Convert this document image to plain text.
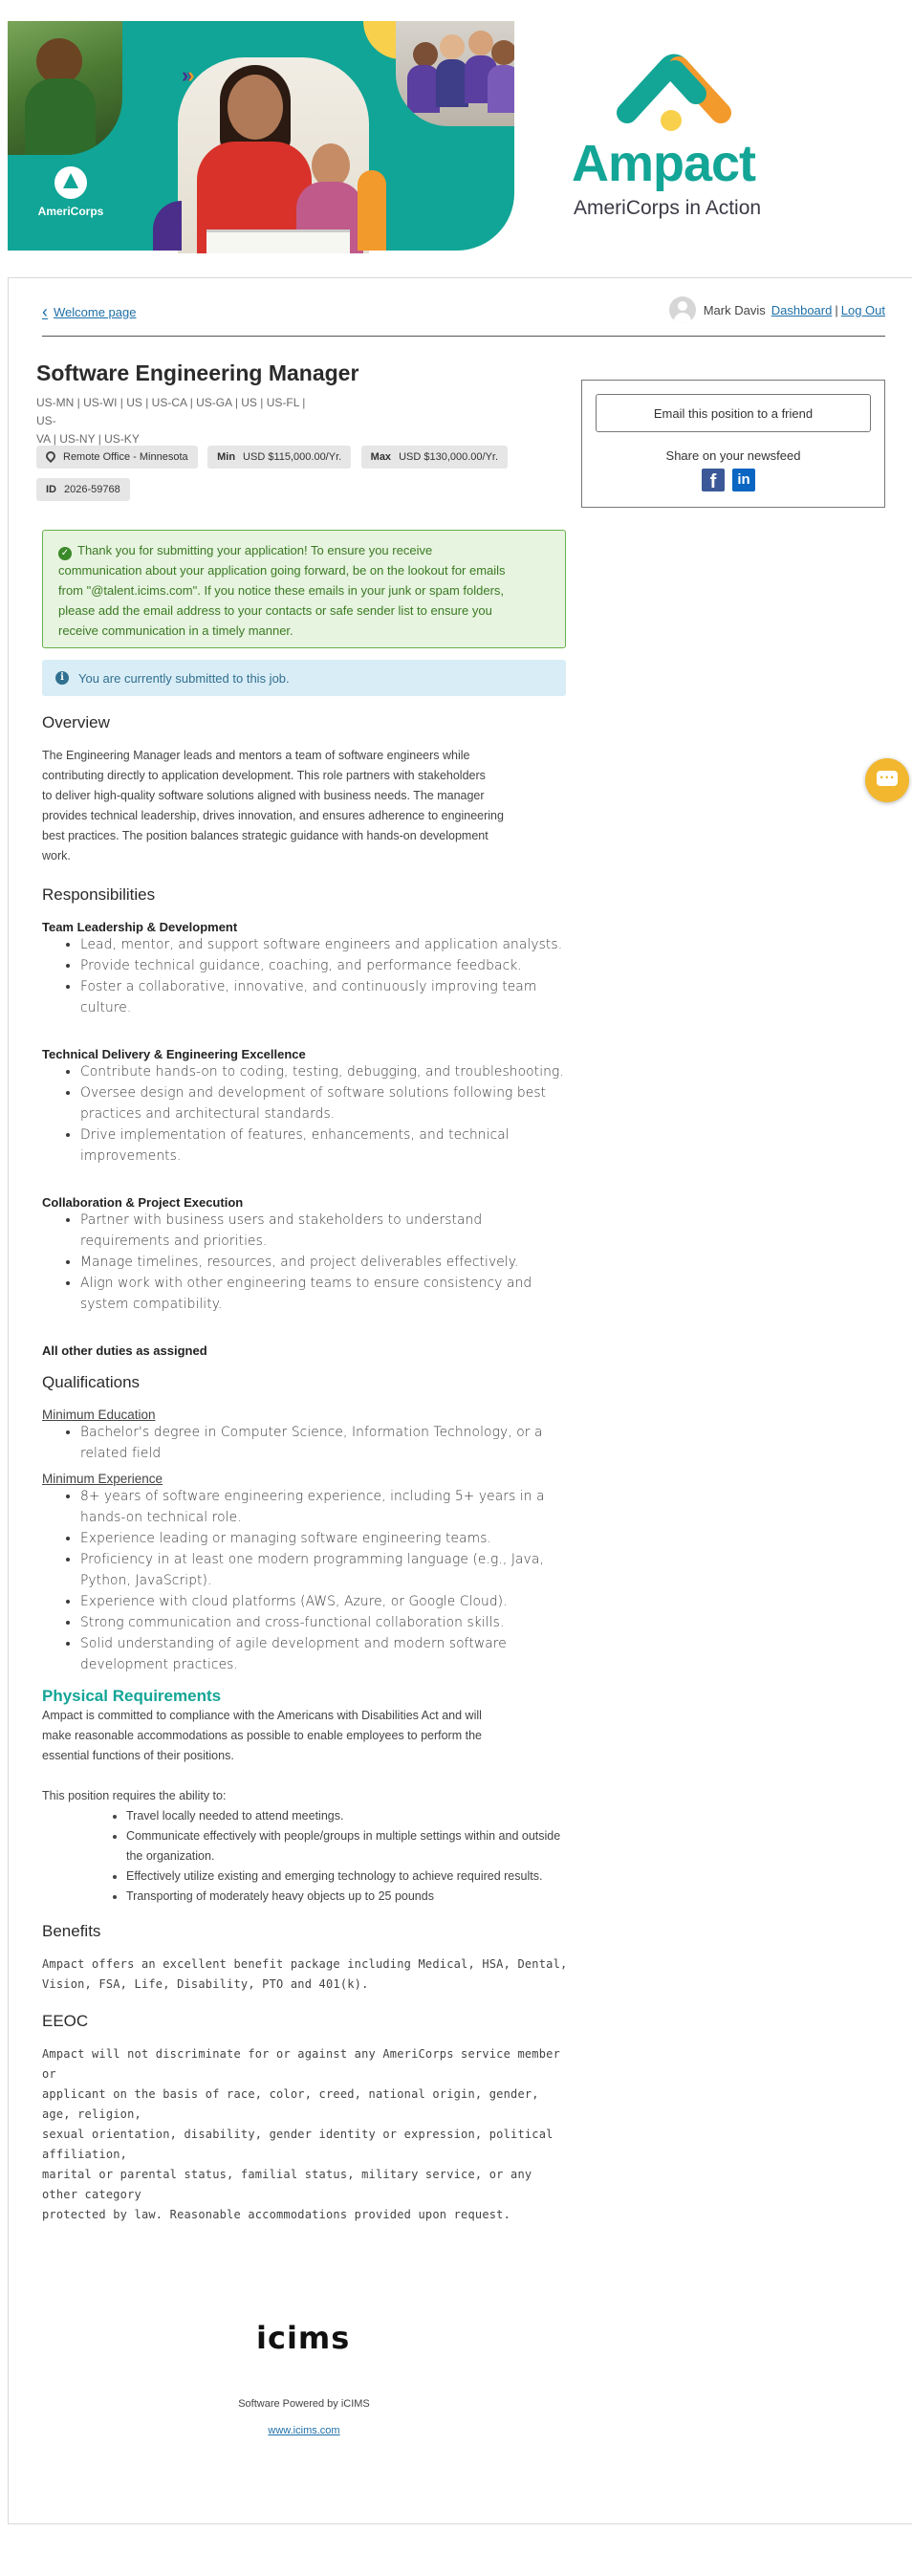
»›
AmeriCorps
Ampact
AmeriCorps in Action
‹ Welcome page	Mark Davis Dashboard | Log Out
Software Engineering Manager
US-MN | US-WI | US | US-CA | US-GA | US | US-FL | US-
VA | US-NY | US-KY
Remote Office - Minnesota
	Min USD $115,000.00/Yr.
	Max USD $130,000.00/Yr.

ID 2026-59768
✓ Thank you for submitting your application! To ensure you receive
communication about your application going forward, be on the lookout for emails
from "@talent.icims.com". If you notice these emails in your junk or spam folders,
please add the email address to your contacts or safe sender list to ensure you
receive communication in a timely manner.
i	You are currently submitted to this job.
Email this position to a friend
Share on your newsfeed
f	in
...
Overview
The Engineering Manager leads and mentors a team of software engineers while
contributing directly to application development. This role partners with stakeholders
to deliver high-quality software solutions aligned with business needs. The manager
provides technical leadership, drives innovation, and ensures adherence to engineering
best practices. The position balances strategic guidance with hands-on development
work.
Responsibilities
Team Leadership & Development
• Lead, mentor, and support software engineers and application analysts.
• Provide technical guidance, coaching, and performance feedback.
• Foster a collaborative, innovative, and continuously improving team culture.
Technical Delivery & Engineering Excellence
• Contribute hands-on to coding, testing, debugging, and troubleshooting.
• Oversee design and development of software solutions following best practices and architectural standards.
• Drive implementation of features, enhancements, and technical improvements.
Collaboration & Project Execution
• Partner with business users and stakeholders to understand requirements and priorities.
• Manage timelines, resources, and project deliverables effectively.
• Align work with other engineering teams to ensure consistency and system compatibility.
All other duties as assigned
Qualifications
Minimum Education
• Bachelor's degree in Computer Science, Information Technology, or a related field
Minimum Experience
• 8+ years of software engineering experience, including 5+ years in a hands-on technical role.
• Experience leading or managing software engineering teams.
• Proficiency in at least one modern programming language (e.g., Java, Python, JavaScript).
• Experience with cloud platforms (AWS, Azure, or Google Cloud).
• Strong communication and cross-functional collaboration skills.
• Solid understanding of agile development and modern software development practices.
Physical Requirements
Ampact is committed to compliance with the Americans with Disabilities Act and will
make reasonable accommodations as possible to enable employees to perform the
essential functions of their positions.
This position requires the ability to:
• Travel locally needed to attend meetings.
• Communicate effectively with people/groups in multiple settings within and outside the organization.
• Effectively utilize existing and emerging technology to achieve required results.
• Transporting of moderately heavy objects up to 25 pounds
Benefits
Ampact offers an excellent benefit package including Medical, HSA, Dental,
Vision, FSA, Life, Disability, PTO and 401(k).
EEOC
Ampact will not discriminate for or against any AmeriCorps service member or
applicant on the basis of race, color, creed, national origin, gender, age, religion,
sexual orientation, disability, gender identity or expression, political affiliation,
marital or parental status, familial status, military service, or any other category
protected by law. Reasonable accommodations provided upon request.
icims
Software Powered by iCIMS
www.icims.com
